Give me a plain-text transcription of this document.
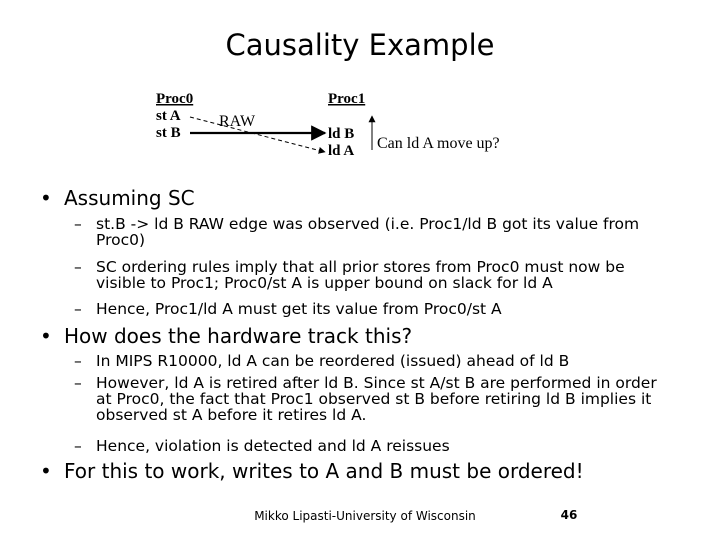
Causality Example
Proc0	Proc1
st A
st B
RAW
ld B
ld A Can ld A move up?
• Assuming SC
– st.B -> ld B RAW edge was observed (i.e. Proc1/ld B got its value from Proc0)
– SC ordering rules imply that all prior stores from Proc0 must now be visible to Proc1; Proc0/st A is upper bound on slack for ld A
– Hence, Proc1/ld A must get its value from Proc0/st A
• How does the hardware track this?
– In MIPS R10000, ld A can be reordered (issued) ahead of ld B
– However, ld A is retired after ld B. Since st A/st B are performed in order at Proc0, the fact that Proc1 observed st B before retiring ld B implies it observed st A before it retires ld A.
– Hence, violation is detected and ld A reissues
• For this to work, writes to A and B must be ordered!
Mikko Lipasti-University of Wisconsin	46
